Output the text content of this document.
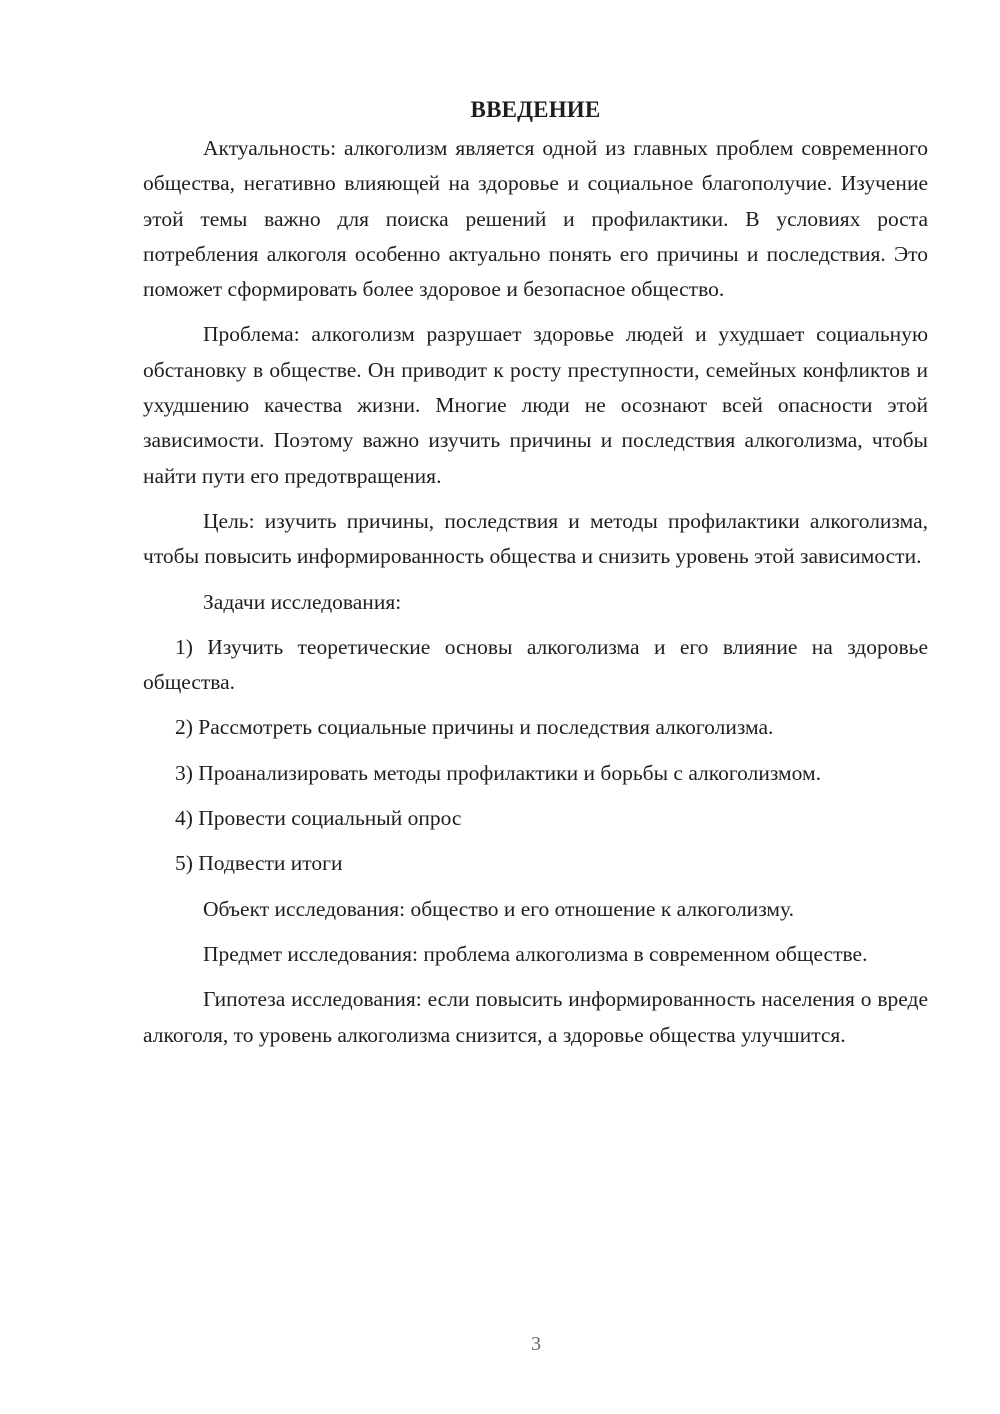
ВВЕДЕНИЕ

Актуальность: алкоголизм является одной из главных проблем современного общества, негативно влияющей на здоровье и социальное благополучие. Изучение этой темы важно для поиска решений и профилактики. В условиях роста потребления алкоголя особенно актуально понять его причины и последствия. Это поможет сформировать более здоровое и безопасное общество.

Проблема: алкоголизм разрушает здоровье людей и ухудшает социальную обстановку в обществе. Он приводит к росту преступности, семейных конфликтов и ухудшению качества жизни. Многие люди не осознают всей опасности этой зависимости. Поэтому важно изучить причины и последствия алкоголизма, чтобы найти пути его предотвращения.

Цель: изучить причины, последствия и методы профилактики алкоголизма, чтобы повысить информированность общества и снизить уровень этой зависимости.

Задачи исследования:

1) Изучить теоретические основы алкоголизма и его влияние на здоровье общества.

2) Рассмотреть социальные причины и последствия алкоголизма.

3) Проанализировать методы профилактики и борьбы с алкоголизмом.

4) Провести социальный опрос

5) Подвести итоги

Объект исследования: общество и его отношение к алкоголизму.

Предмет исследования: проблема алкоголизма в современном обществе.

Гипотеза исследования: если повысить информированность населения о вреде алкоголя, то уровень алкоголизма снизится, а здоровье общества улучшится.

3
